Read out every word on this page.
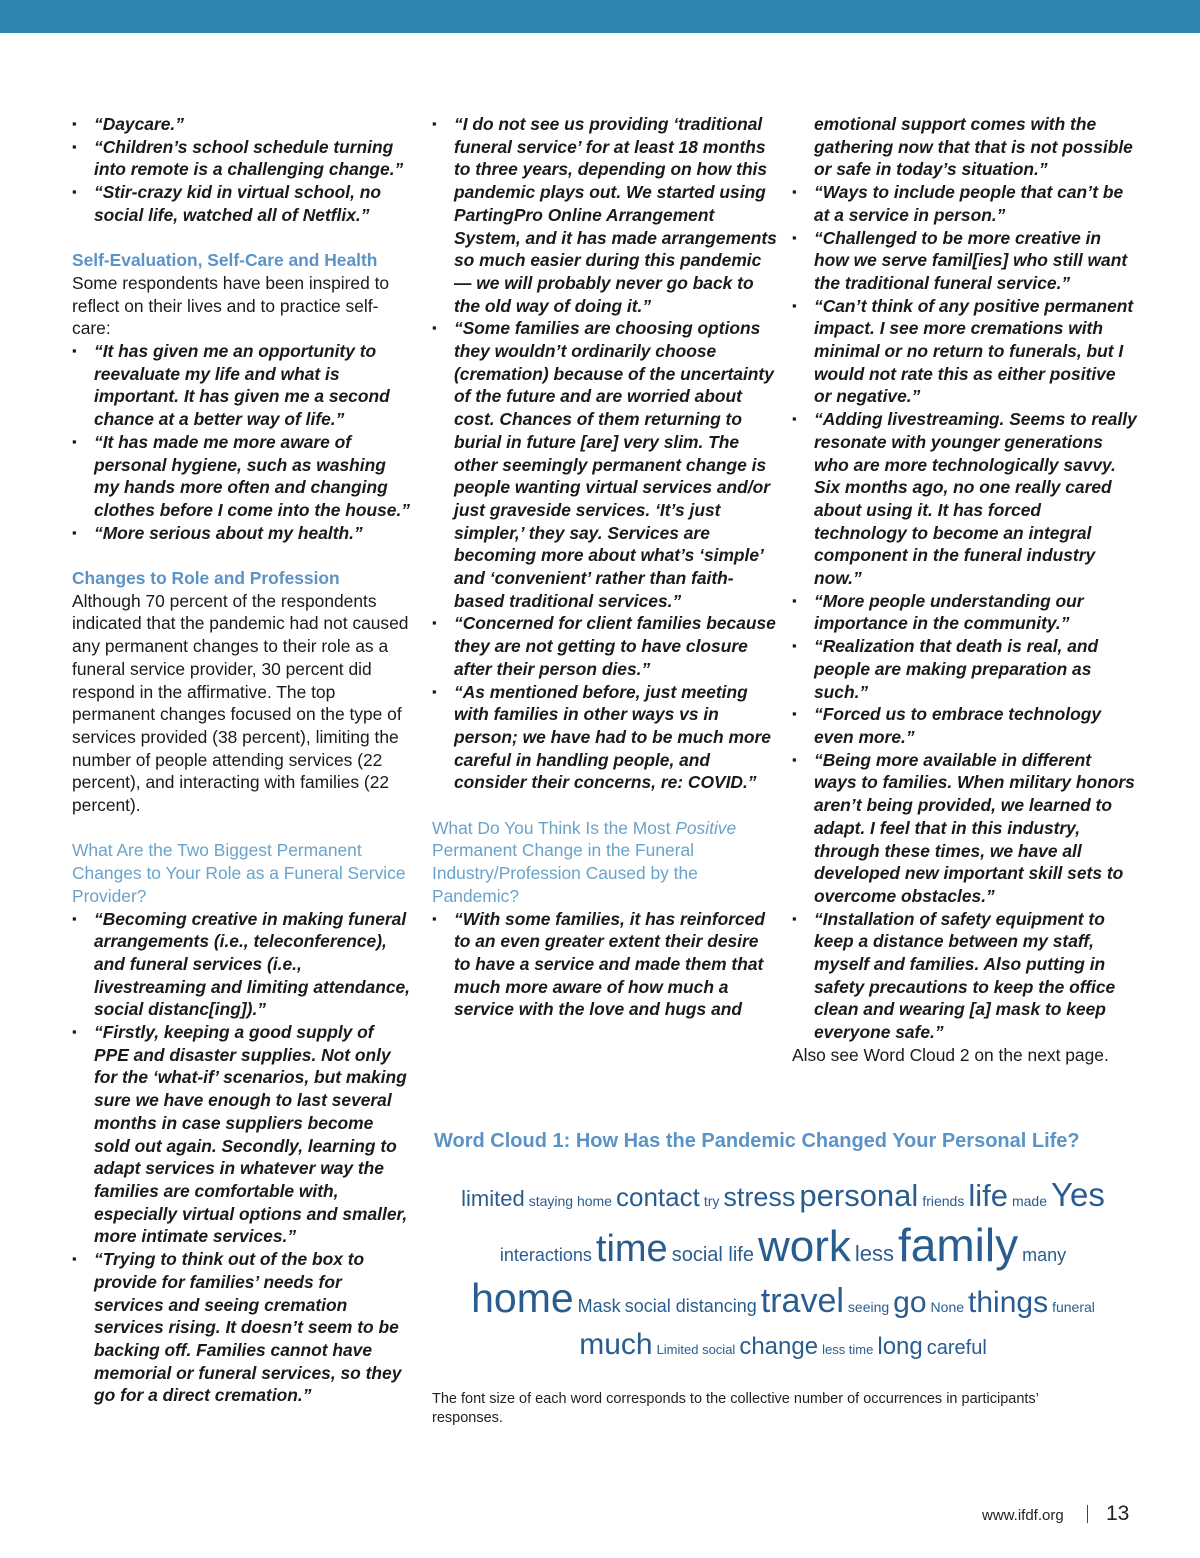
▪ “Daycare.”
▪ “Children’s school schedule turning into remote is a challenging change.”
▪ “Stir-crazy kid in virtual school, no social life, watched all of Netflix.”
Self-Evaluation, Self-Care and Health

Some respondents have been inspired to reflect on their lives and to practice self-care:

▪ “It has given me an opportunity to reevaluate my life and what is important. It has given me a second chance at a better way of life.”
▪ “It has made me more aware of personal hygiene, such as washing my hands more often and changing clothes before I come into the house.”
▪ “More serious about my health.”
Changes to Role and Profession

Although 70 percent of the respondents indicated that the pandemic had not caused any permanent changes to their role as a funeral service provider, 30 percent did respond in the affirmative. The top permanent changes focused on the type of services provided (38 percent), limiting the number of people attending services (22 percent), and interacting with families (22 percent).

What Are the Two Biggest Permanent Changes to Your Role as a Funeral Service Provider?
▪ “Becoming creative in making funeral arrangements (i.e., teleconference), and funeral services (i.e., livestreaming and limiting attendance, social distanc[ing]).”
▪ “Firstly, keeping a good supply of PPE and disaster supplies. Not only for the ‘what-if’ scenarios, but making sure we have enough to last several months in case suppliers become sold out again. Secondly, learning to adapt services in whatever way the families are comfortable with, especially virtual options and smaller, more intimate services.”
▪ “Trying to think out of the box to provide for families’ needs for services and seeing cremation services rising. It doesn’t seem to be backing off. Families cannot have memorial or funeral services, so they go for a direct cremation.”
▪ “I do not see us providing ‘traditional funeral service’ for at least 18 months to three years, depending on how this pandemic plays out. We started using PartingPro Online Arrangement System, and it has made arrangements so much easier during this pandemic — we will probably never go back to the old way of doing it.”
▪ “Some families are choosing options they wouldn’t ordinarily choose (cremation) because of the uncertainty of the future and are worried about cost. Chances of them returning to burial in future [are] very slim. The other seemingly permanent change is people wanting virtual services and/or just graveside services. ‘It’s just simpler,’ they say. Services are becoming more about what’s ‘simple’ and ‘convenient’ rather than faith-based traditional services.”
▪ “Concerned for client families because they are not getting to have closure after their person dies.”
▪ “As mentioned before, just meeting with families in other ways vs in person; we have had to be much more careful in handling people, and consider their concerns, re: COVID.”
What Do You Think Is the Most Positive Permanent Change in the Funeral Industry/Profession Caused by the Pandemic?
▪ “With some families, it has reinforced to an even greater extent their desire to have a service and made them that much more aware of how much a service with the love and hugs and
emotional support comes with the gathering now that that is not possible or safe in today’s situation.”
▪ “Ways to include people that can’t be at a service in person.”
▪ “Challenged to be more creative in how we serve famil[ies] who still want the traditional funeral service.”
▪ “Can’t think of any positive permanent impact. I see more cremations with minimal or no return to funerals, but I would not rate this as either positive or negative.”
▪ “Adding livestreaming. Seems to really resonate with younger generations who are more technologically savvy. Six months ago, no one really cared about using it. It has forced technology to become an integral component in the funeral industry now.”
▪ “More people understanding our importance in the community.”
▪ “Realization that death is real, and people are making preparation as such.”
▪ “Forced us to embrace technology even more.”
▪ “Being more available in different ways to families. When military honors aren’t being provided, we learned to adapt. I feel that in this industry, through these times, we have all developed new important skill sets to overcome obstacles.”
▪ “Installation of safety equipment to keep a distance between my staff, myself and families. Also putting in safety precautions to keep the office clean and wearing [a] mask to keep everyone safe.”

Also see Word Cloud 2 on the next page.

Word Cloud 1: How Has the Pandemic Changed Your Personal Life?
limited staying home contact try stress personal friends life made Yes
interactions time social lifework lessfamily many
home Mask social distancing travel seeing go None things funeral
much Limited social change less time long careful
The font size of each word corresponds to the collective number of occurrences in participants’ responses.
www.ifdf.org 13
